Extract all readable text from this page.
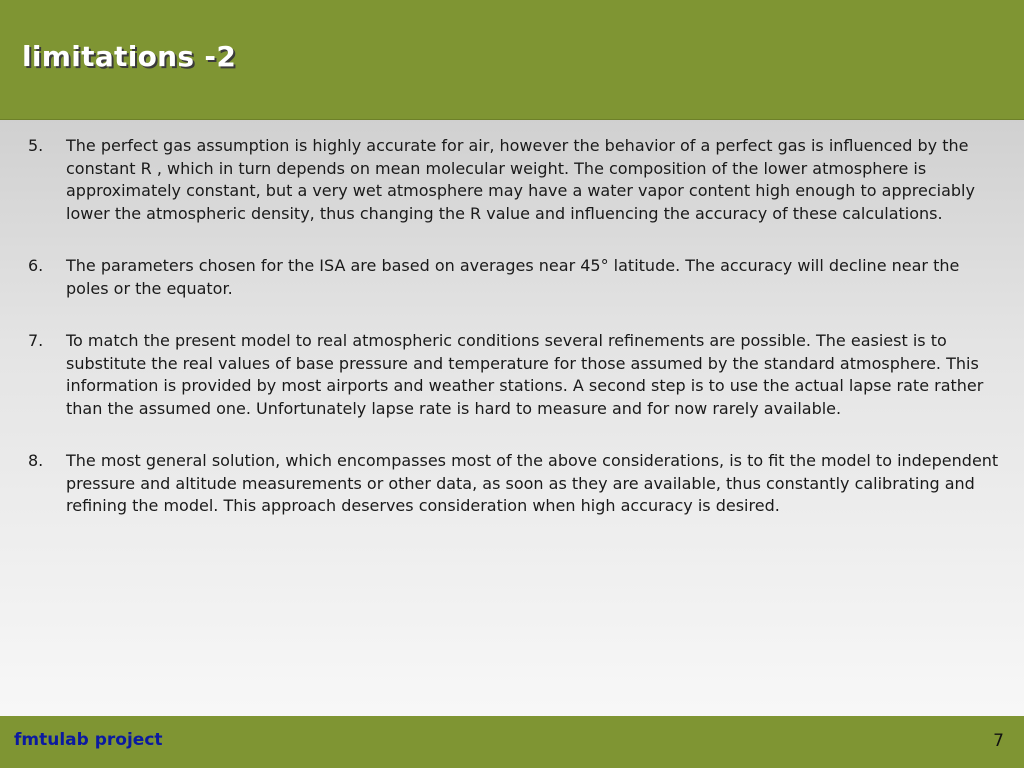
limitations -2
5. The perfect gas assumption is highly accurate for air, however the behavior of a perfect gas is influenced by the constant R , which in turn depends on mean molecular weight. The composition of the lower atmosphere is approximately constant, but a very wet atmosphere may have a water vapor content high enough to appreciably lower the atmospheric density, thus changing the R value and influencing the accuracy of these calculations.
6. The parameters chosen for the ISA are based on averages near 45° latitude. The accuracy will decline near the poles or the equator.
7. To match the present model to real atmospheric conditions several refinements are possible. The easiest is to substitute the real values of base pressure and temperature for those assumed by the standard atmosphere. This information is provided by most airports and weather stations. A second step is to use the actual lapse rate rather than the assumed one. Unfortunately lapse rate is hard to measure and for now rarely available.
8. The most general solution, which encompasses most of the above considerations, is to fit the model to independent pressure and altitude measurements or other data, as soon as they are available, thus constantly calibrating and refining the model. This approach deserves consideration when high accuracy is desired.
fmtulab project	7
